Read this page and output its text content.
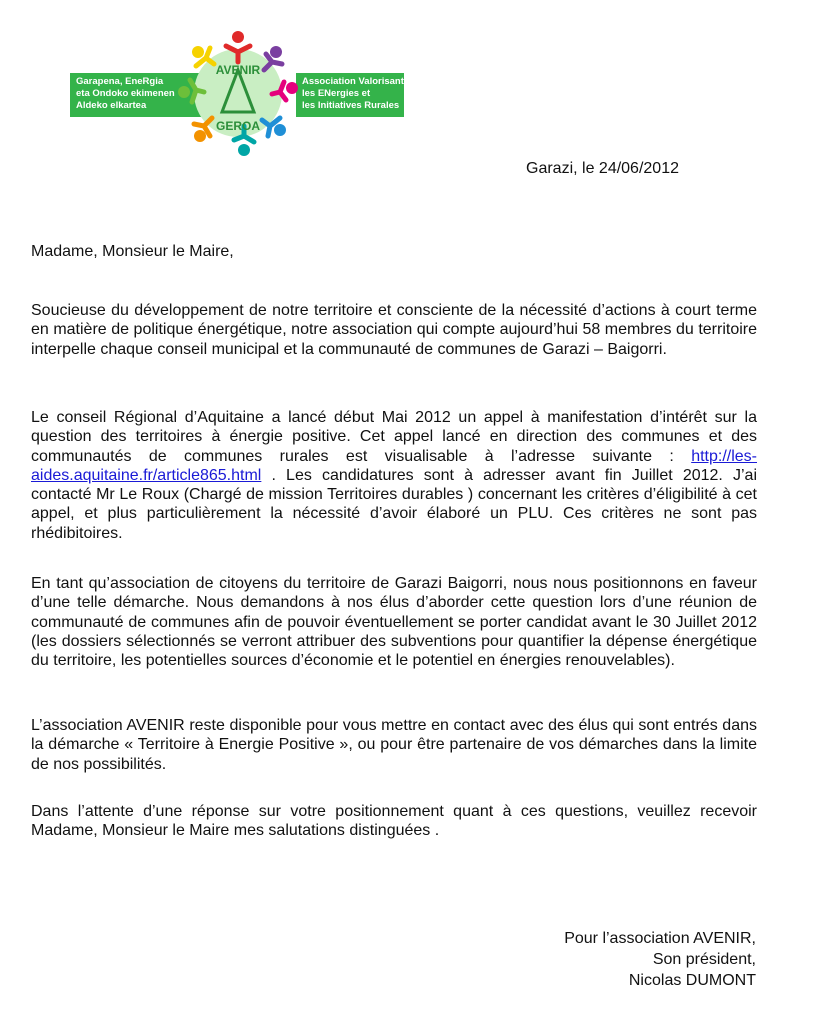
Garapena, EneRgia
eta Ondoko ekimenen
Aldeko elkartea
Association Valorisant
les ENergies et
les Initiatives Rurales
AVENIR
GEROA
Garazi, le 24/06/2012
Madame, Monsieur le Maire,

Soucieuse du développement de notre territoire et consciente de la nécessité d’actions à court terme en matière de politique énergétique, notre association qui compte aujourd’hui 58 membres du territoire interpelle chaque conseil municipal et la communauté de communes de Garazi – Baigorri.

Le conseil Régional d’Aquitaine a lancé début Mai 2012 un appel à manifestation d’intérêt sur la question des territoires à énergie positive. Cet appel lancé en direction des communes et des communautés de communes rurales est visualisable à l’adresse suivante : http://les-aides.aquitaine.fr/article865.html . Les candidatures sont à adresser avant fin Juillet 2012. J’ai contacté Mr Le Roux (Chargé de mission Territoires durables ) concernant les critères d’éligibilité à cet appel, et plus particulièrement la nécessité d’avoir élaboré un PLU. Ces critères ne sont pas rhédibitoires.

En tant qu’association de citoyens du territoire de Garazi Baigorri, nous nous positionnons en faveur d’une telle démarche. Nous demandons à nos élus d’aborder cette question lors d’une réunion de communauté de communes afin de pouvoir éventuellement se porter candidat avant le 30 Juillet 2012 (les dossiers sélectionnés se verront attribuer des subventions pour quantifier la dépense énergétique du territoire, les potentielles sources d’économie et le potentiel en énergies renouvelables).

L’association AVENIR reste disponible pour vous mettre en contact avec des élus qui sont entrés dans la démarche « Territoire à Energie Positive », ou pour être partenaire de vos démarches dans la limite de nos possibilités.

Dans l’attente d’une réponse sur votre positionnement quant à ces questions, veuillez recevoir Madame, Monsieur le Maire mes salutations distinguées .

Pour l’association AVENIR,
Son président,
Nicolas DUMONT
